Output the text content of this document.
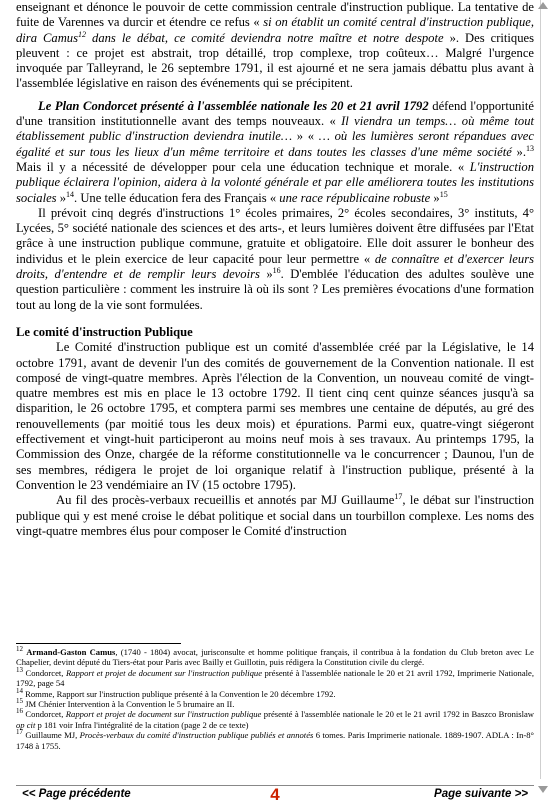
enseignant et dénonce le pouvoir de cette commission centrale d'instruction publique. La tentative de fuite de Varennes va durcir et étendre ce refus « si on établit un comité central d'instruction publique, dira Camus$^{12}$ dans le débat, ce comité deviendra notre maître et notre despote ». Des critiques pleuvent : ce projet est abstrait, trop détaillé, trop complexe, trop coûteux… Malgré l'urgence invoquée par Talleyrand, le 26 septembre 1791, il est ajourné et ne sera jamais débattu plus avant à l'assemblée législative en raison des événements qui se précipitent.

Le Plan Condorcet présenté à l'assemblée nationale les 20 et 21 avril 1792 défend l'opportunité d'une transition institutionnelle avant des temps nouveaux. « Il viendra un temps… où même tout établissement public d'instruction deviendra inutile… » « … où les lumières seront répandues avec égalité et sur tous les lieux d'un même territoire et dans toutes les classes d'une même société ».$^{13}$ Mais il y a nécessité de développer pour cela une éducation technique et morale. « L'instruction publique éclairera l'opinion, aidera à la volonté générale et par elle améliorera toutes les institutions sociales »$^{14}$. Une telle éducation fera des Français « une race républicaine robuste »$^{15}$

Il prévoit cinq degrés d'instructions 1° écoles primaires, 2° écoles secondaires, 3° instituts, 4° Lycées, 5° société nationale des sciences et des arts-, et leurs lumières doivent être diffusées par l'Etat grâce à une instruction publique commune, gratuite et obligatoire. Elle doit assurer le bonheur des individus et le plein exercice de leur capacité pour leur permettre « de connaître et d'exercer leurs droits, d'entendre et de remplir leurs devoirs »$^{16}$. D'emblée l'éducation des adultes soulève une question particulière : comment les instruire là où ils sont ? Les premières évocations d'une formation tout au long de la vie sont formulées.

Le comité d'instruction Publique

Le Comité d'instruction publique est un comité d'assemblée créé par la Législative, le 14 octobre 1791, avant de devenir l'un des comités de gouvernement de la Convention nationale. Il est composé de vingt-quatre membres. Après l'élection de la Convention, un nouveau comité de vingt-quatre membres est mis en place le 13 octobre 1792. Il tient cinq cent quinze séances jusqu'à sa disparition, le 26 octobre 1795, et comptera parmi ses membres une centaine de députés, au gré des renouvellements (par moitié tous les deux mois) et épurations. Parmi eux, quatre-vingt siégeront effectivement et vingt-huit participeront au moins neuf mois à ses travaux. Au printemps 1795, la Commission des Onze, chargée de la réforme constitutionnelle va le concurrencer ; Daunou, l'un de ses membres, rédigera le projet de loi organique relatif à l'instruction publique, présenté à la Convention le 23 vendémiaire an IV (15 octobre 1795).

Au fil des procès-verbaux recueillis et annotés par MJ Guillaume$^{17}$, le débat sur l'instruction publique qui y est mené croise le débat politique et social dans un tourbillon complexe. Les noms des vingt-quatre membres élus pour composer le Comité d'instruction

$^{12}$ Armand-Gaston Camus, (1740 - 1804) avocat, jurisconsulte et homme politique français, il contribua à la fondation du Club breton avec Le Chapelier, devint député du Tiers-état pour Paris avec Bailly et Guillotin, puis rédigera la Constitution civile du clergé.

$^{13}$ Condorcet, Rapport et projet de document sur l'instruction publique présenté à l'assemblée nationale le 20 et 21 avril 1792, Imprimerie Nationale, 1792, page 54

$^{14}$ Romme, Rapport sur l'instruction publique présenté à la Convention le 20 décembre 1792.

$^{15}$ JM Chénier Intervention à la Convention le 5 brumaire an II.

$^{16}$ Condorcet, Rapport et projet de document sur l'instruction publique présenté à l'assemblée nationale le 20 et le 21 avril 1792 in Baszco Bronislaw op cit p 181 voir Infra l'intégralité de la citation (page 2 de ce texte)

$^{17}$ Guillaume MJ, Procès-verbaux du comité d'instruction publique publiés et annotés 6 tomes. Paris Imprimerie nationale. 1889-1907. ADLA : In-8° 1748 à 1755.

<< Page précédente	4	Page suivante >>
